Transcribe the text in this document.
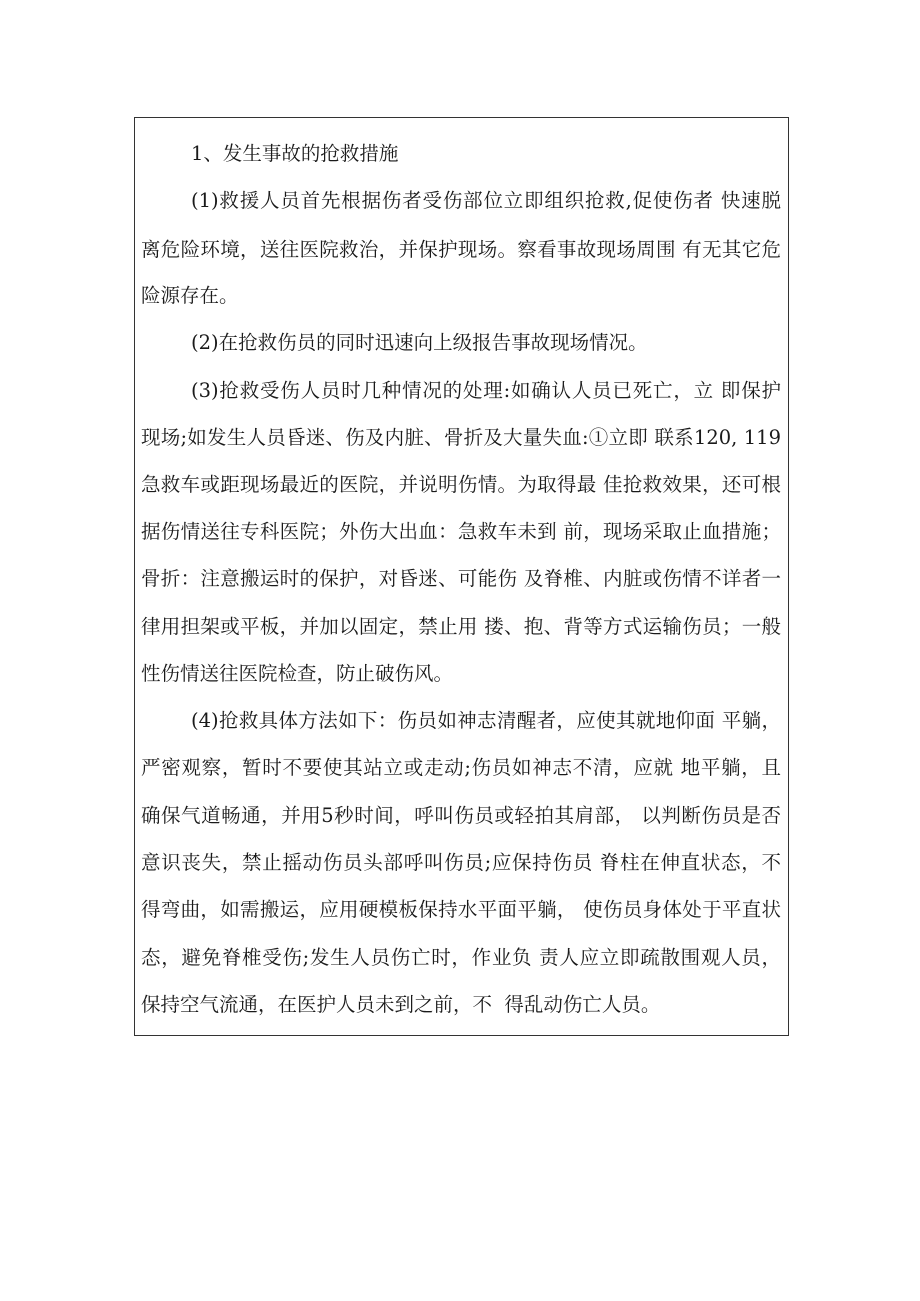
1、发生事故的抢救措施
(1)救援人员首先根据伤者受伤部位立即组织抢救,促使伤者 快速脱
离危险环境，送往医院救治，并保护现场。察看事故现场周围 有无其它危
险源存在。
(2)在抢救伤员的同时迅速向上级报告事故现场情况。
(3)抢救受伤人员时几种情况的处理:如确认人员已死亡，立 即保护
现场;如发生人员昏迷、伤及内脏、骨折及大量失血:①立即 联系120, 119
急救车或距现场最近的医院，并说明伤情。为取得最 佳抢救效果，还可根
据伤情送往专科医院；外伤大出血：急救车未到 前，现场采取止血措施；
骨折：注意搬运时的保护，对昏迷、可能伤 及脊椎、内脏或伤情不详者一
律用担架或平板，并加以固定，禁止用 搂、抱、背等方式运输伤员；一般
性伤情送往医院检查，防止破伤风。
(4)抢救具体方法如下：伤员如神志清醒者，应使其就地仰面 平躺，
严密观察，暂时不要使其站立或走动;伤员如神志不清，应就 地平躺，且
确保气道畅通，并用5秒时间，呼叫伤员或轻拍其肩部， 以判断伤员是否
意识丧失，禁止摇动伤员头部呼叫伤员;应保持伤员 脊柱在伸直状态，不
得弯曲，如需搬运，应用硬模板保持水平面平躺， 使伤员身体处于平直状
态，避免脊椎受伤;发生人员伤亡时，作业负 责人应立即疏散围观人员，
保持空气流通，在医护人员未到之前，不  得乱动伤亡人员。
